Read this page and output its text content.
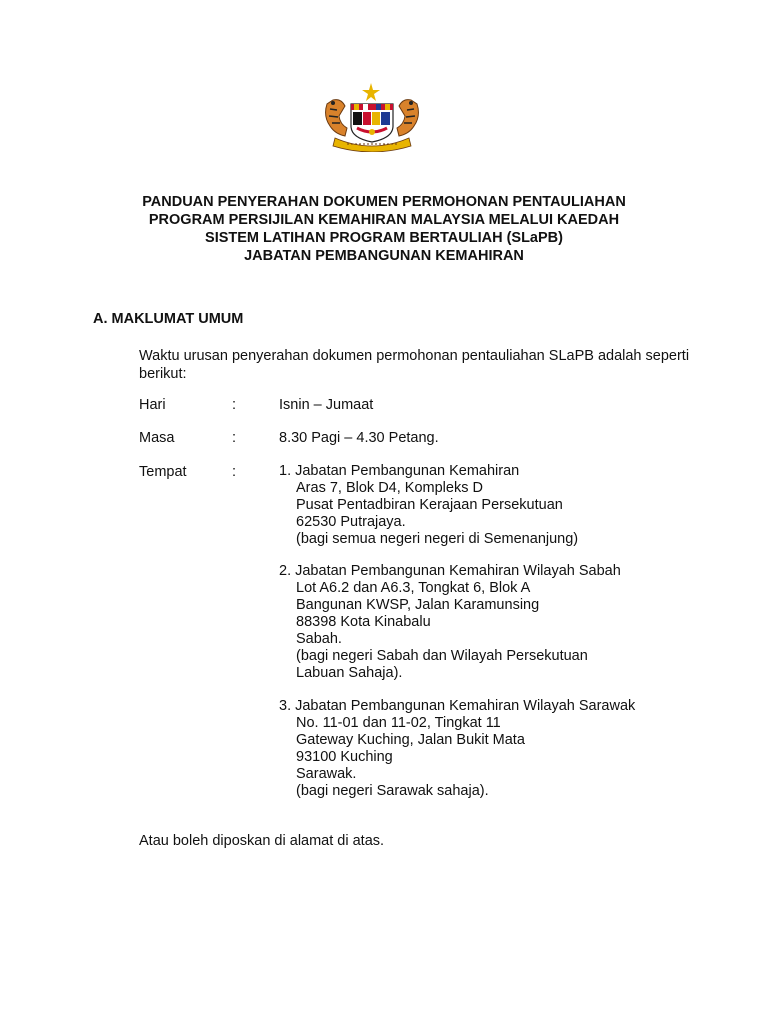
PANDUAN PENYERAHAN DOKUMEN PERMOHONAN PENTAULIAHAN
PROGRAM PERSIJILAN KEMAHIRAN MALAYSIA MELALUI KAEDAH
SISTEM LATIHAN PROGRAM BERTAULIAH (SLaPB)
JABATAN PEMBANGUNAN KEMAHIRAN
A. MAKLUMAT UMUM
Waktu urusan penyerahan dokumen permohonan pentauliahan SLaPB adalah seperti berikut:
Hari	:	Isnin – Jumaat
Masa	:	8.30 Pagi – 4.30 Petang.
Tempat	:	1. Jabatan Pembangunan Kemahiran
Aras 7, Blok D4, Kompleks D
Pusat Pentadbiran Kerajaan Persekutuan
62530 Putrajaya.
(bagi semua negeri negeri di Semenanjung)
2. Jabatan Pembangunan Kemahiran Wilayah Sabah
Lot A6.2 dan A6.3, Tongkat 6, Blok A
Bangunan KWSP, Jalan Karamunsing
88398 Kota Kinabalu
Sabah.
(bagi negeri Sabah dan Wilayah Persekutuan
Labuan Sahaja).
3. Jabatan Pembangunan Kemahiran Wilayah Sarawak
No. 11-01 dan 11-02, Tingkat 11
Gateway Kuching, Jalan Bukit Mata
93100 Kuching
Sarawak.
(bagi negeri Sarawak sahaja).
Atau boleh diposkan di alamat di atas.
